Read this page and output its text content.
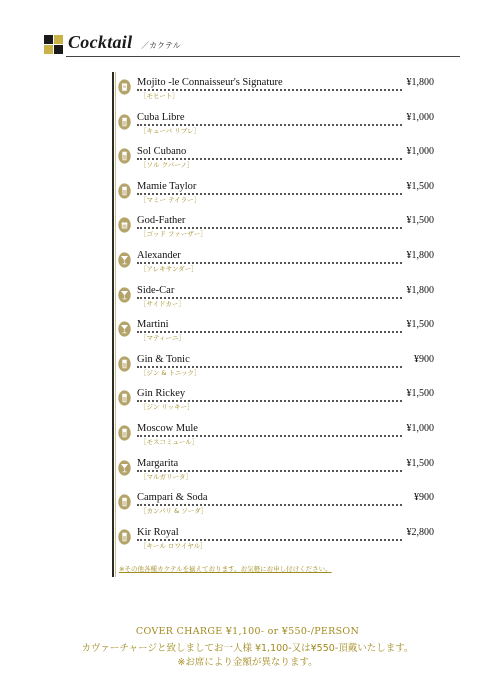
Cocktail ／カクテル
Mojito -le Connaisseur's Signature	¥1,800
［モヒート］
Cuba Libre	¥1,000
［キューバ リブレ］
Sol Cubano	¥1,000
［ソル クバーノ］
Mamie Taylor	¥1,500
［マミー テイラー］
God-Father	¥1,500
［ゴッド ファーザー］
Alexander	¥1,800
［アレキサンダー］
Side-Car	¥1,800
［サイドカー］
Martini	¥1,500
［マティーニ］
Gin & Tonic	¥900
［ジン & トニック］
Gin Rickey	¥1,500
［ジン リッキー］
Moscow Mule	¥1,000
［モスコミュール］
Margarita	¥1,500
［マルガリータ］
Campari & Soda	¥900
［カンパリ & ソーダ］
Kir Royal	¥2,800
［キール ロワイヤル］
※その他各種カクテルを揃えております。お気軽にお申し付けください。
COVER CHARGE ¥1,100- or ¥550-/PERSON
カヴァーチャージと致しましてお一人様 ¥1,100-又は¥550-頂戴いたします。
※お席により金額が異なります。
